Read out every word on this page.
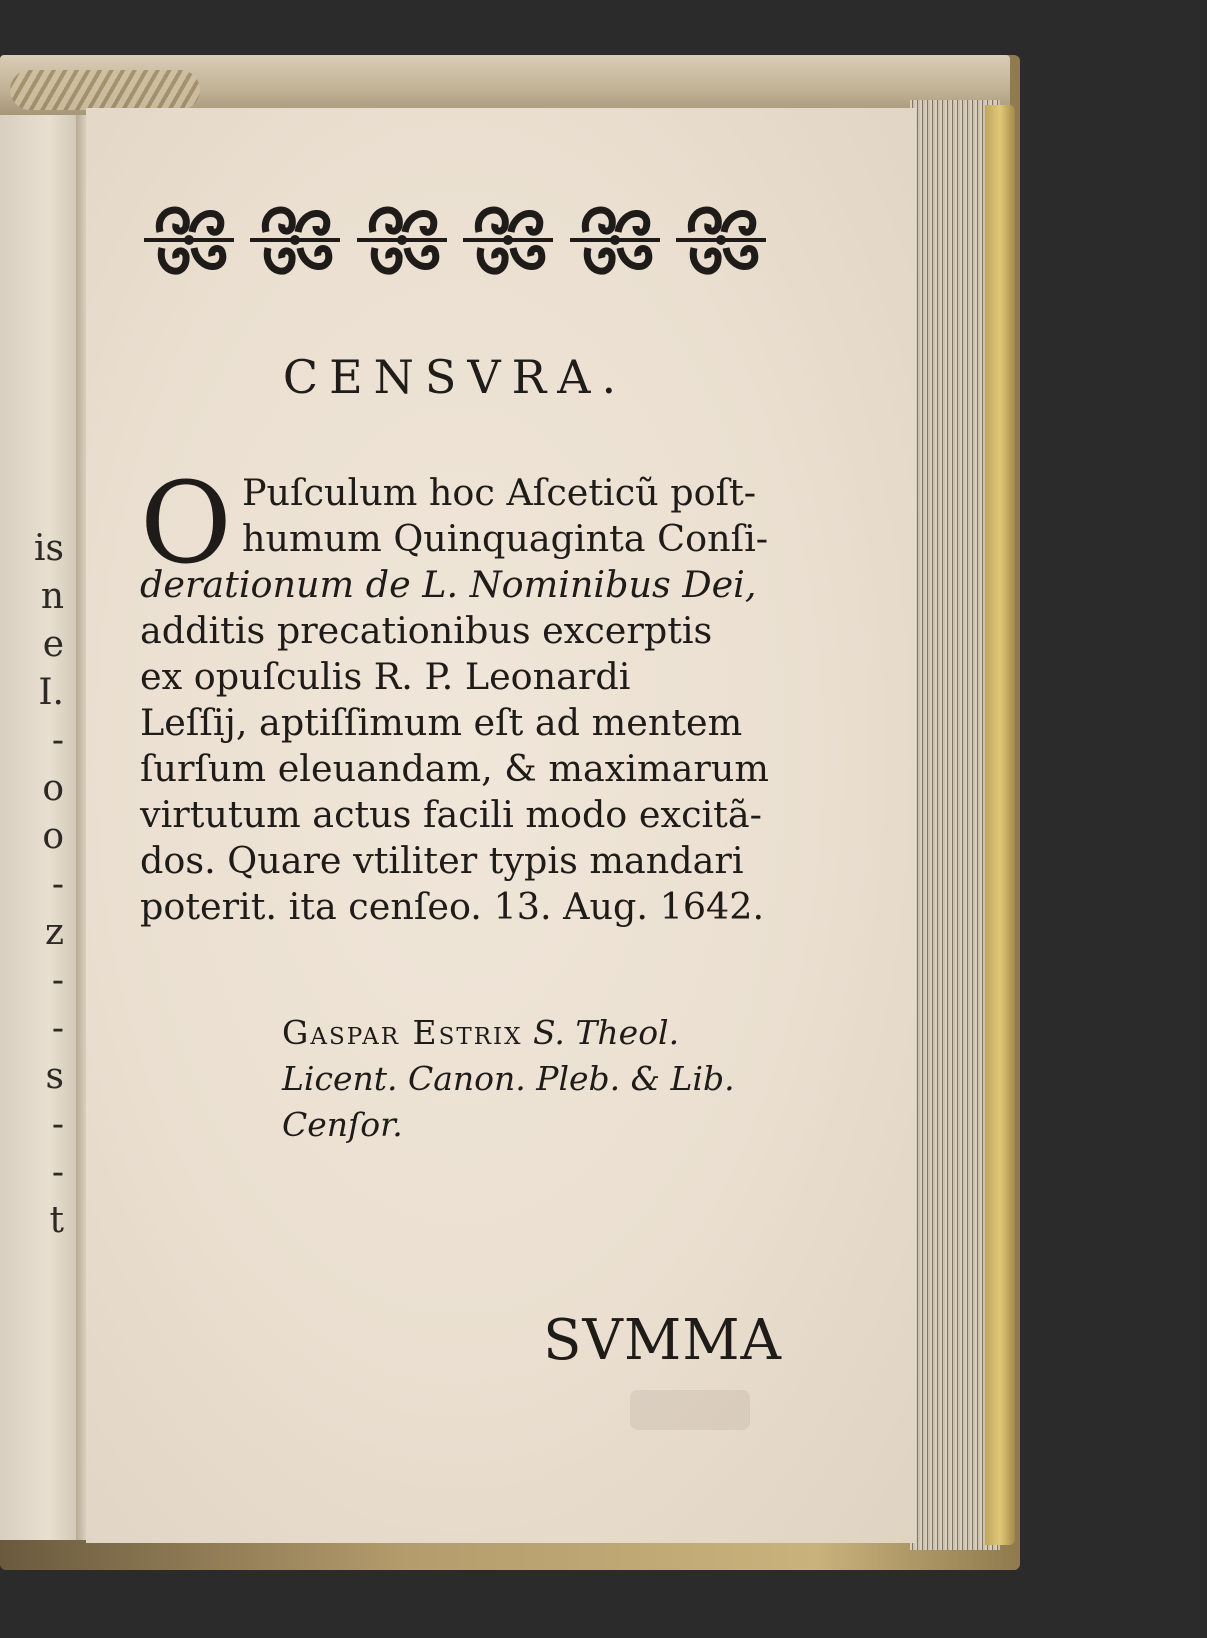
is
n
e
I.
-
o
o
-
z
-
-
s
-
-
t
CENSVRA.
O Puſculum hoc Aſceticũ poſt-
humum Quinquaginta Conſi-
derationum de L. Nominibus Dei,
additis precationibus excerptis
ex opuſculis R. P. Leonardi
Leſſij, aptiſſimum eſt ad mentem
ſurſum eleuandam, & maximarum
virtutum actus facili modo excitã-
dos. Quare vtiliter typis mandari
poterit. ita cenſeo. 13. Aug. 1642.
Gaspar Estrix S. Theol.
Licent. Canon. Pleb. & Lib.
Cenſor.
SVMMA
